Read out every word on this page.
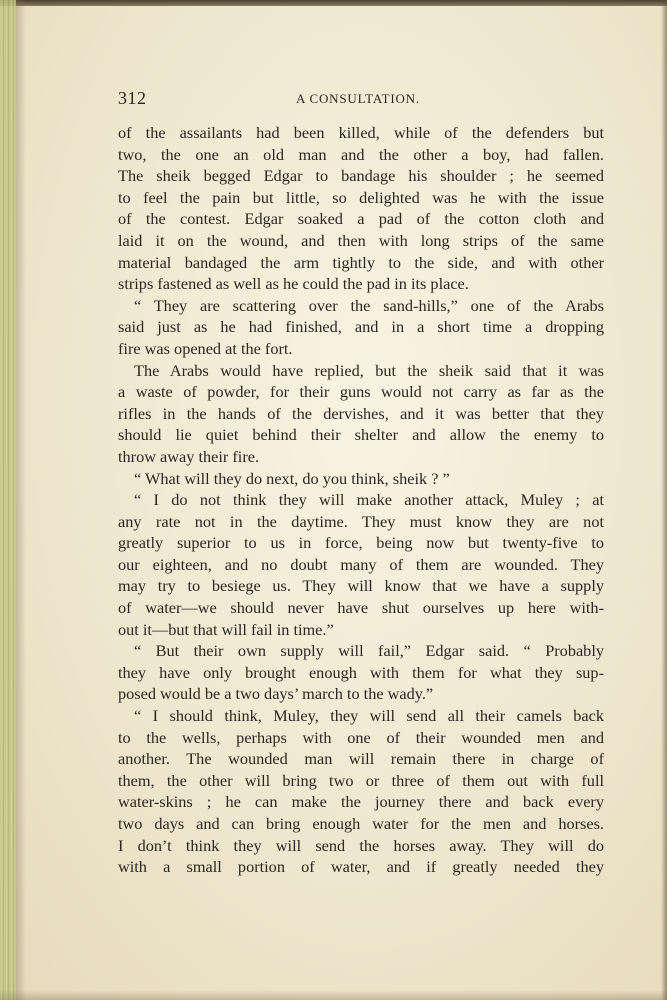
312	A CONSULTATION.
of the assailants had been killed, while of the defenders but
two, the one an old man and the other a boy, had fallen.
The sheik begged Edgar to bandage his shoulder ; he seemed
to feel the pain but little, so delighted was he with the issue
of the contest. Edgar soaked a pad of the cotton cloth and
laid it on the wound, and then with long strips of the same
material bandaged the arm tightly to the side, and with other
strips fastened as well as he could the pad in its place.
“ They are scattering over the sand-hills,” one of the Arabs
said just as he had finished, and in a short time a dropping
fire was opened at the fort.
The Arabs would have replied, but the sheik said that it was
a waste of powder, for their guns would not carry as far as the
rifles in the hands of the dervishes, and it was better that they
should lie quiet behind their shelter and allow the enemy to
throw away their fire.
“ What will they do next, do you think, sheik ? ”
“ I do not think they will make another attack, Muley ; at
any rate not in the daytime. They must know they are not
greatly superior to us in force, being now but twenty-five to
our eighteen, and no doubt many of them are wounded. They
may try to besiege us. They will know that we have a supply
of water—we should never have shut ourselves up here with-
out it—but that will fail in time.”
“ But their own supply will fail,” Edgar said. “ Probably
they have only brought enough with them for what they sup-
posed would be a two days’ march to the wady.”
“ I should think, Muley, they will send all their camels back
to the wells, perhaps with one of their wounded men and
another. The wounded man will remain there in charge of
them, the other will bring two or three of them out with full
water-skins ; he can make the journey there and back every
two days and can bring enough water for the men and horses.
I don’t think they will send the horses away. They will do
with a small portion of water, and if greatly needed they
